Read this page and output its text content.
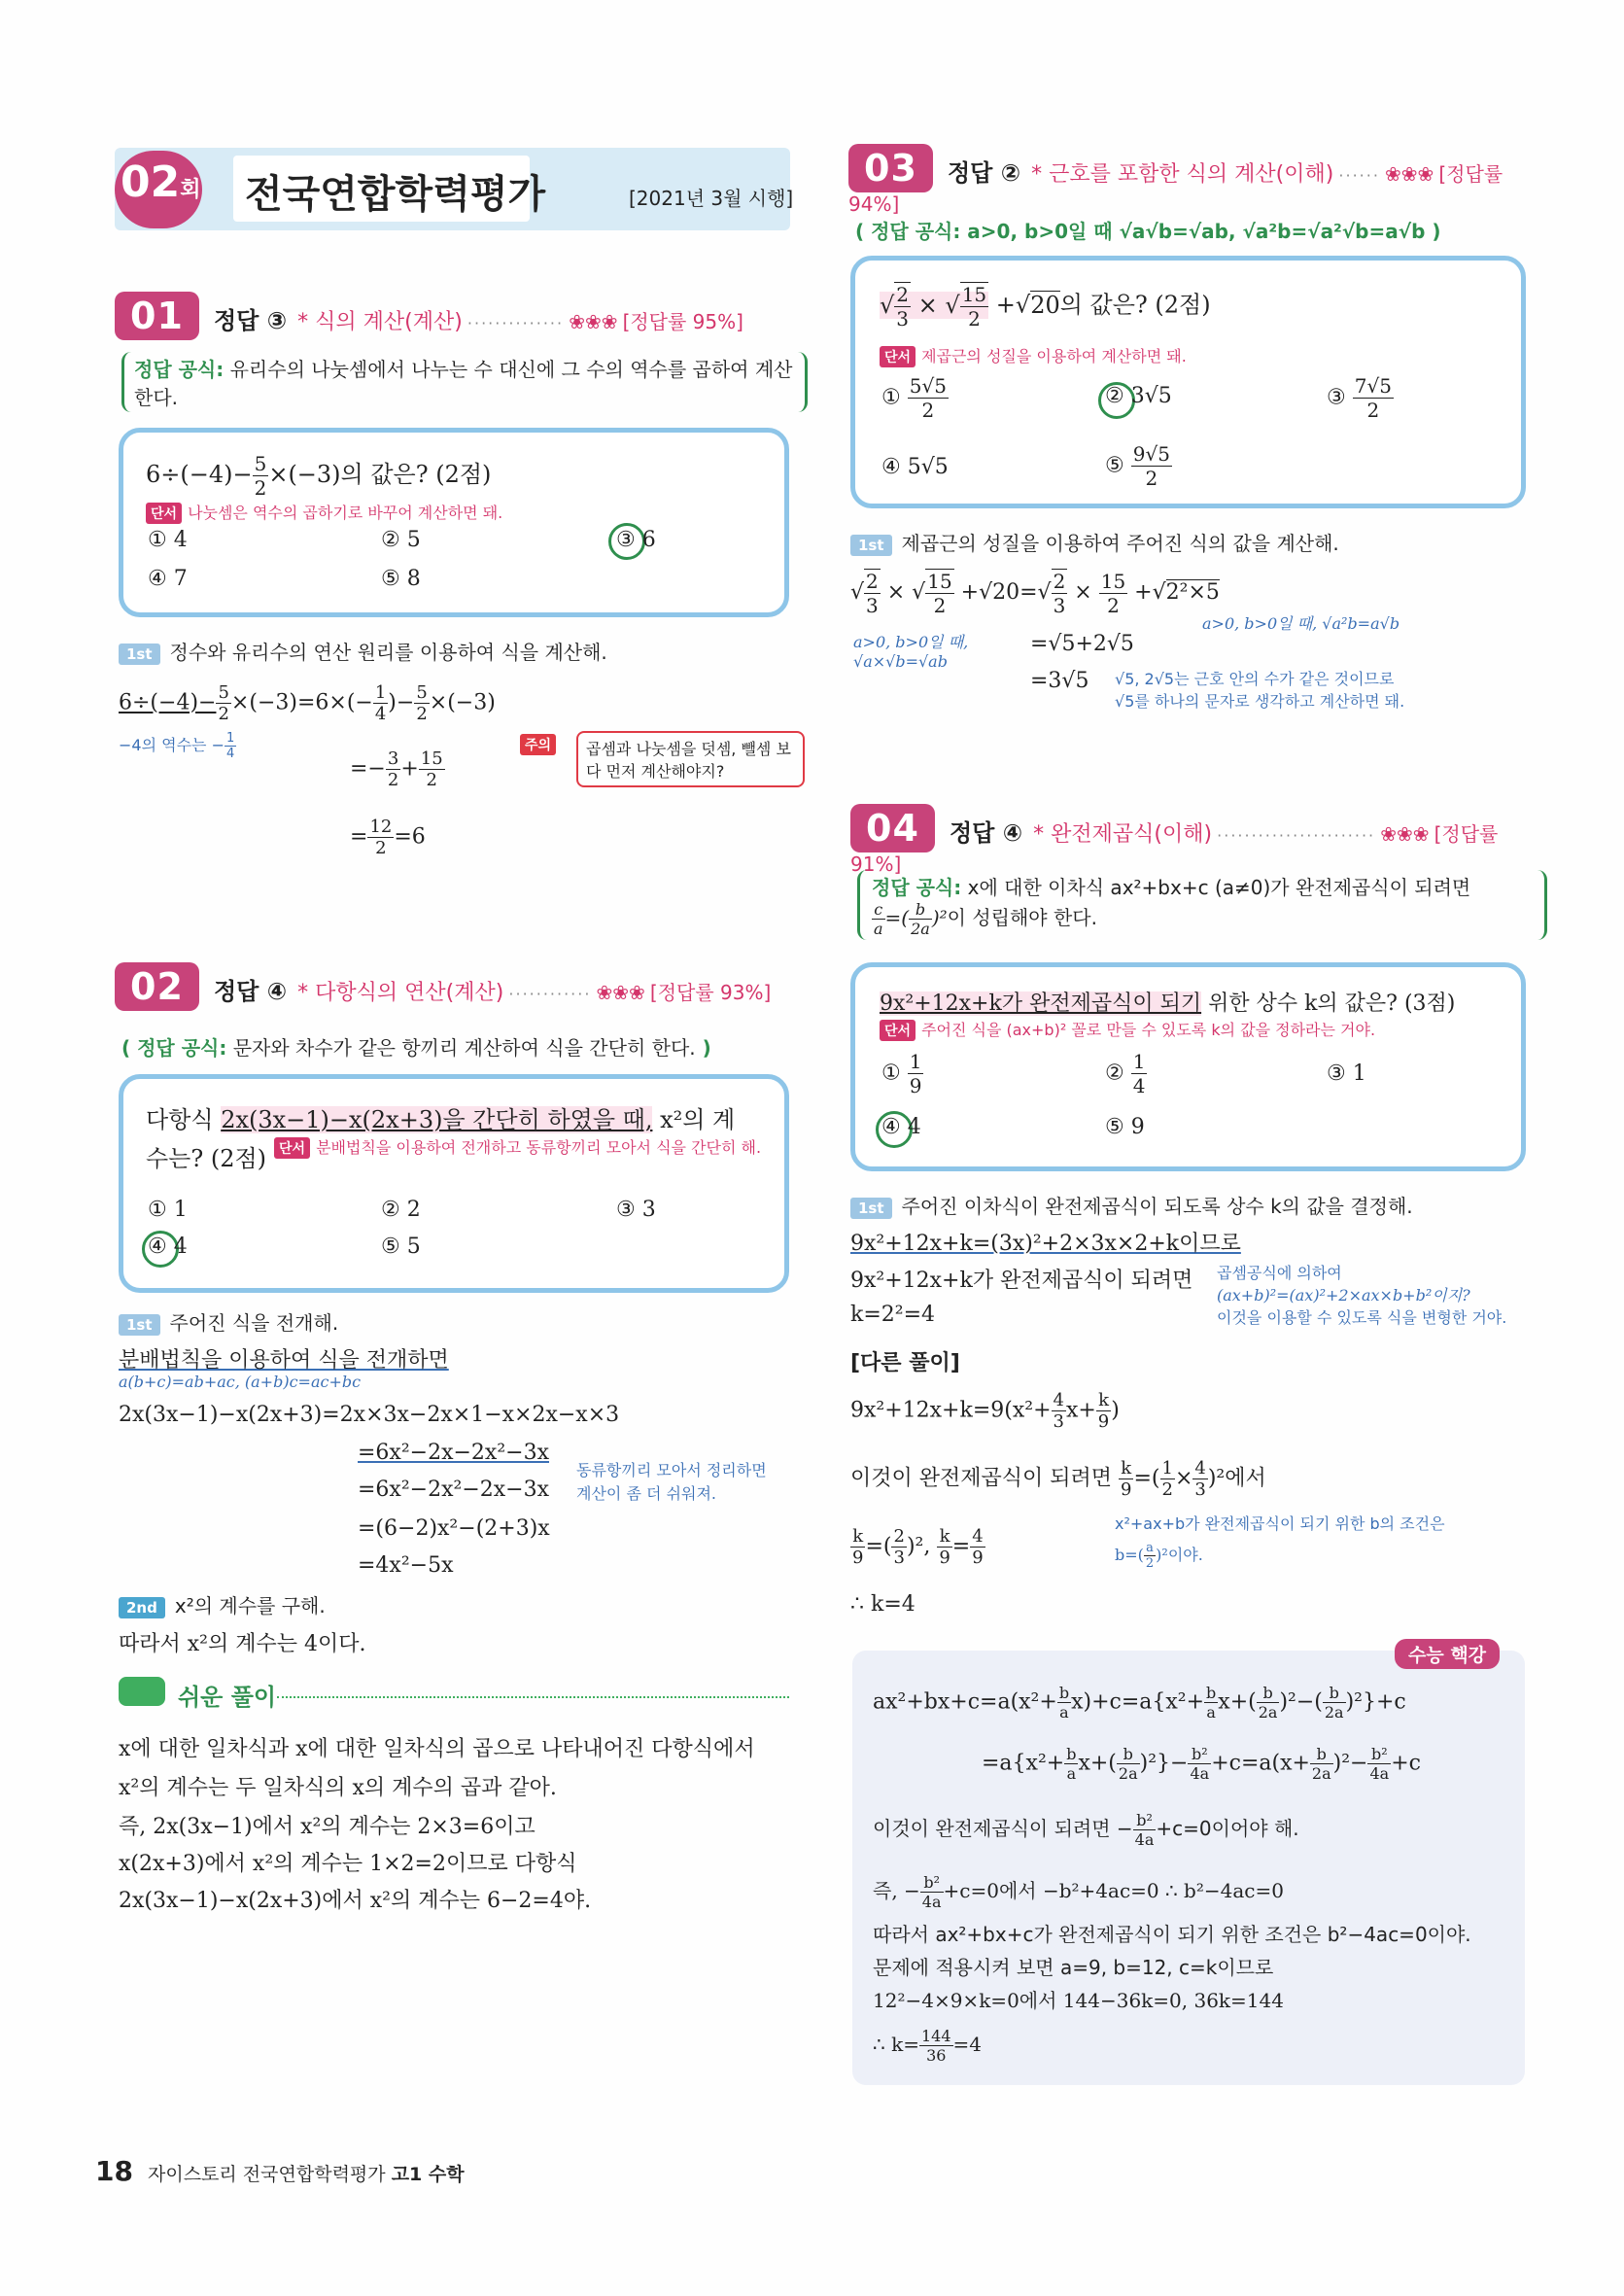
02회 전국연합학력평가	[2021년 3월 시행]
01 정답 ③ * 식의 계산(계산) ·············· ❀❀❀ [정답률 95%]
정답 공식: 유리수의 나눗셈에서 나누는 수 대신에 그 수의 역수를 곱하여 계산
한다.
$6\div(-4)- \frac{5}{2} \times(-3)$의 값은? (2점)
단서 나눗셈은 역수의 곱하기로 바꾸어 계산하면 돼.
① 4	② 5	③ 6
④ 7	⑤ 8
1st 정수와 유리수의 연산 원리를 이용하여 식을 계산해.
$6\div(-4)- \frac{5}{2} \times(-3)=6\times(- \frac{1}{4}$ )− $\frac{5}{2} \times(-3)$
−4의 역수는 − $\frac{1}{4}$
=− $\frac{3}{2} + \frac{15}{2}$
주의	곱셈과 나눗셈을 덧셈, 뺄셈 보다 먼저 계산해야지?
= $\frac{12}{2} =6$
02 정답 ④ * 다항식의 연산(계산) ············ ❀❀❀ [정답률 93%]
( 정답 공식: 문자와 차수가 같은 항끼리 계산하여 식을 간단히 한다. )
다항식 2x(3x−1)−x(2x+3)을 간단히 하였을 때, x²의 계
수는? (2점) 단서 분배법칙을 이용하여 전개하고 동류항끼리 모아서 식을 간단히 해.
① 1	② 2	③ 3
④ 4	⑤ 5
1st 주어진 식을 전개해.
분배법칙을 이용하여 식을 전개하면
a(b+c)=ab+ac, (a+b)c=ac+bc
2x(3x−1)−x(2x+3)=2x×3x−2x×1−x×2x−x×3
=6x²−2x−2x²−3x
동류항끼리 모아서 정리하면
=6x²−2x²−2x−3x 계산이 좀 더 쉬워져.
=(6−2)x²−(2+3)x
=4x²−5x
2nd x²의 계수를 구해.
따라서 x²의 계수는 4이다.
쉬운 풀이
x에 대한 일차식과 x에 대한 일차식의 곱으로 나타내어진 다항식에서
x²의 계수는 두 일차식의 x의 계수의 곱과 같아.
즉, 2x(3x−1)에서 x²의 계수는 2×3=6이고
x(2x+3)에서 x²의 계수는 1×2=2이므로 다항식
2x(3x−1)−x(2x+3)에서 x²의 계수는 6−2=4야.
03 정답 ② * 근호를 포함한 식의 계산(이해) ······ ❀❀❀ [정답률 94%]
( 정답 공식: a>0, b>0일 때 √a√b=√ab, √a²b=√a²√b=a√b )
√ $\frac{2}{3}$ × √ $\frac{15}{2} +√20$의 값은? (2점)
단서 제곱근의 성질을 이용하여 계산하면 돼.
① $\frac{5√5}{2}$	② 3√5	③ $\frac{7√5}{2}$
④ 5√5	⑤ $\frac{9√5}{2}$
1st 제곱근의 성질을 이용하여 주어진 식의 값을 계산해.
√ $\frac{2}{3}$ × √ $\frac{15}{2} +√20=√ \frac{2}{3} \times \frac{15}{2} +√2^2\times 5$
a>0, b>0일 때,
√a×√b=√ab
a>0, b>0일 때, √a²b=a√b
=√5+2√5
=3√5 √5, 2√5는 근호 안의 수가 같은 것이므로
√5를 하나의 문자로 생각하고 계산하면 돼.
04 정답 ④ * 완전제곱식(이해) ······················· ❀❀❀ [정답률 91%]
정답 공식: x에 대한 이차식 ax²+bx+c (a≠0)가 완전제곱식이 되려면

$\frac{c}{a}$ =( $\frac{b}{2a} )^2$이 성립해야 한다.
9x²+12x+k가 완전제곱식이 되기 위한 상수 k의 값은? (3점)
단서 주어진 식을 (ax+b)² 꼴로 만들 수 있도록 k의 값을 정하라는 거야.
① $\frac{1}{9}$	② $\frac{1}{4}$	③ 1
④ 4	⑤ 9
1st 주어진 이차식이 완전제곱식이 되도록 상수 k의 값을 결정해.
9x²+12x+k=(3x)²+2×3x×2+k이므로
9x²+12x+k가 완전제곱식이 되려면
k=2²=4
곱셈공식에 의하여
(ax+b)²=(ax)²+2×ax×b+b²이지?
이것을 이용할 수 있도록 식을 변형한 거야.
[다른 풀이]
$9x^2+12x+k=9(x^2+ \frac{4}{3} x+ \frac{k}{9}$ )
이것이 완전제곱식이 되려면 $\frac{k}{9}$ =( $\frac{1}{2} \times \frac{4}{3} )^2$에서
x²+ax+b가 완전제곱식이 되기 위한 b의 조건은
$b=( \frac{a}{2} )^2$이야.
$\frac{k}{9}$ =( $\frac{2}{3} )^2$, $\frac{k}{9} = \frac{4}{9}$
∴ k=4
수능 핵강
$ax^2+bx+c=a(x^2+ \frac{b}{a} x)+c=a\{x^2+ \frac{b}{a} x+( \frac{b}{2a} )^2-( \frac{b}{2a} )^2\}+c$
$=a\{x^2+ \frac{b}{a} x+( \frac{b}{2a} )^2\}- \frac{\text{b²}}{4a} +c=a(x+ \frac{b}{2a} )^2- \frac{\text{b²}}{4a} +c$
이것이 완전제곱식이 되려면 − $\frac{\text{b²}}{4a} +c=0$이어야 해.
즉, − $\frac{\text{b²}}{4a} +c=0$에서 −b²+4ac=0 ∴ b²−4ac=0
따라서 ax²+bx+c가 완전제곱식이 되기 위한 조건은 b²−4ac=0이야.
문제에 적용시켜 보면 a=9, b=12, c=k이므로
12²−4×9×k=0에서 144−36k=0, 36k=144
∴ $k= \frac{144}{36} =4$
18 자이스토리 전국연합학력평가 고1 수학
